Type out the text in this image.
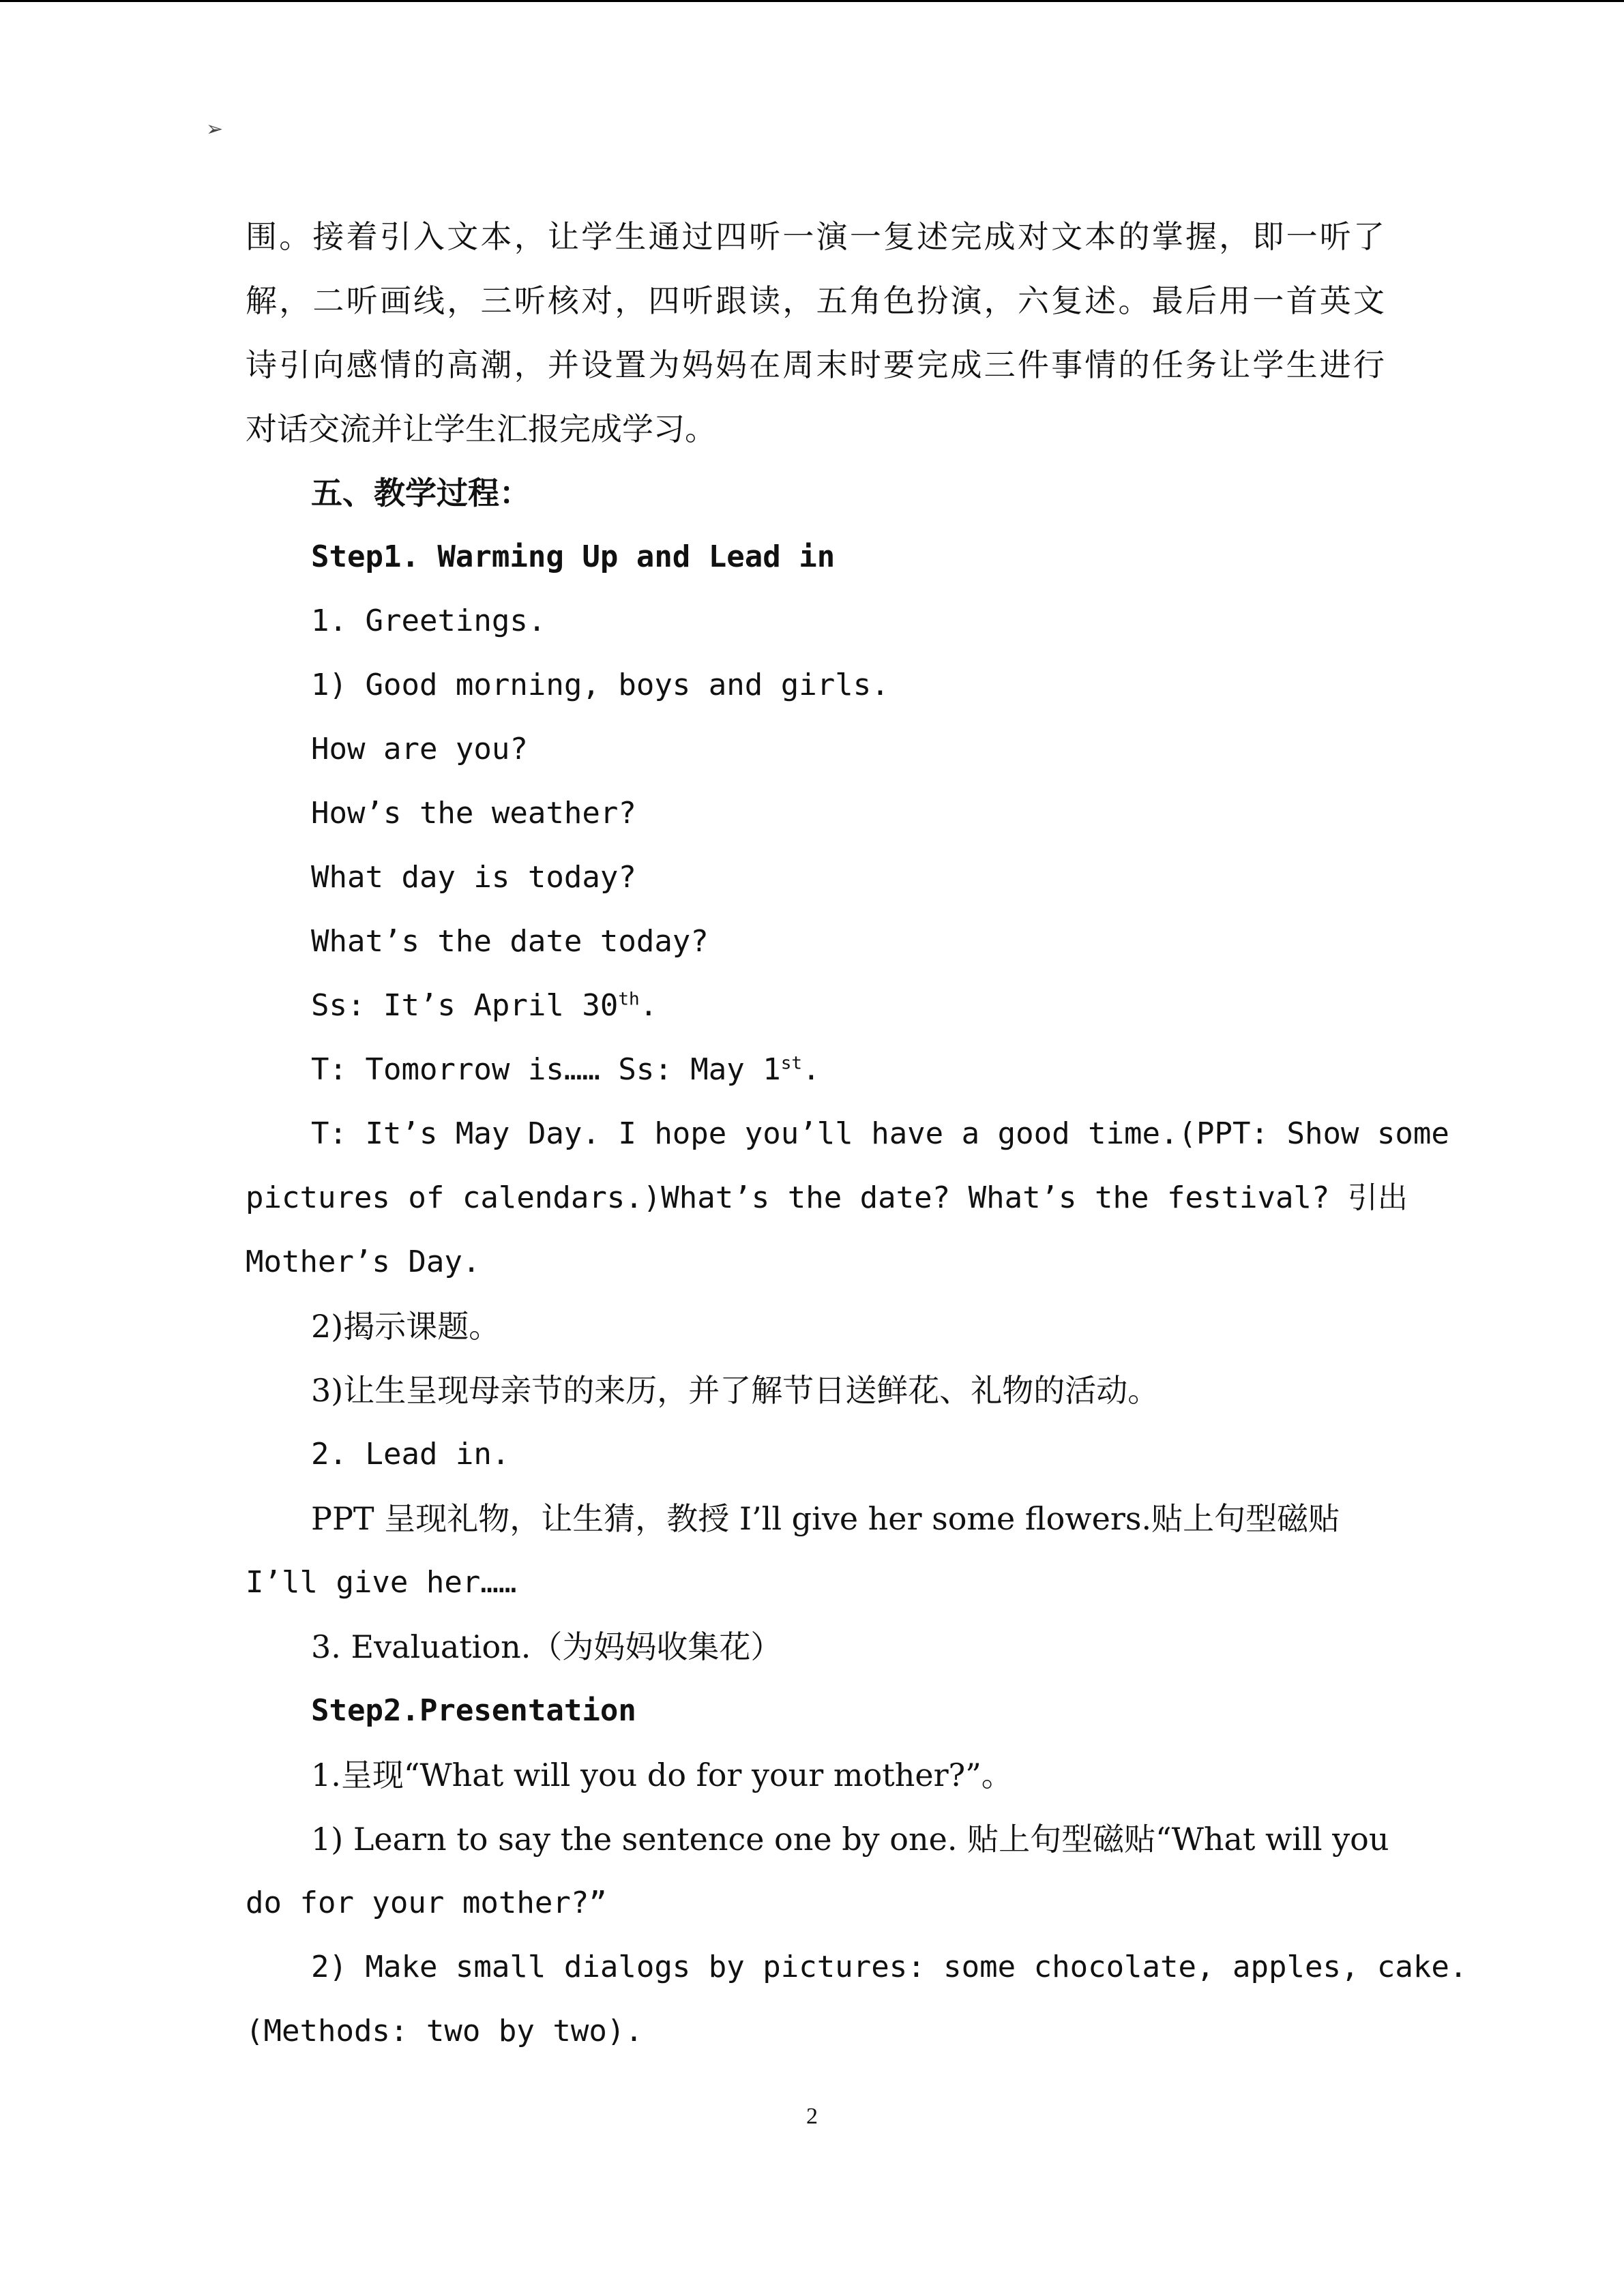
➢
围。接着引入文本，让学生通过四听一演一复述完成对文本的掌握，即一听了
解，二听画线，三听核对，四听跟读，五角色扮演，六复述。最后用一首英文
诗引向感情的高潮，并设置为妈妈在周末时要完成三件事情的任务让学生进行
对话交流并让学生汇报完成学习。
五、教学过程：
Step1. Warming Up and Lead in
1. Greetings.
1) Good morning, boys and girls.
How are you?
How’s the weather?
What day is today?
What’s the date today?
Ss: It’s April 30th.
T: Tomorrow is…… Ss: May 1st.
T: It’s May Day. I hope you’ll have a good time.(PPT: Show some
pictures of calendars.)What’s the date? What’s the festival? 引出
Mother’s Day.
2)揭示课题。
3)让生呈现母亲节的来历，并了解节日送鲜花、礼物的活动。
2. Lead in.
PPT 呈现礼物，让生猜，教授 I’ll give her some flowers.贴上句型磁贴
I’ll give her……
3. Evaluation.（为妈妈收集花）
Step2.Presentation
1.呈现“What will you do for your mother?”。
1) Learn to say the sentence one by one. 贴上句型磁贴“What will you
do for your mother?”
2) Make small dialogs by pictures: some chocolate, apples, cake.
(Methods: two by two).
2
